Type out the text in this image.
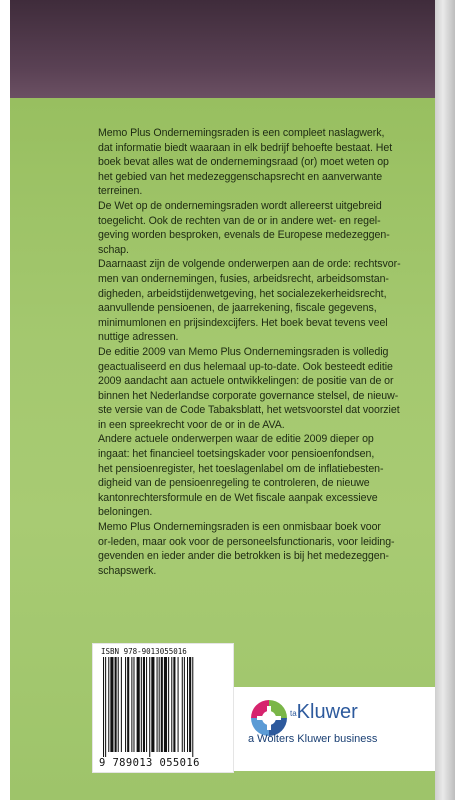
Memo Plus Ondernemingsraden is een compleet naslagwerk,
dat informatie biedt waaraan in elk bedrijf behoefte bestaat. Het
boek bevat alles wat de ondernemingsraad (or) moet weten op
het gebied van het medezeggenschapsrecht en aanverwante
terreinen.

De Wet op de ondernemingsraden wordt allereerst uitgebreid
toegelicht. Ook de rechten van de or in andere wet- en regel-
geving worden besproken, evenals de Europese medezeggen-
schap.

Daarnaast zijn de volgende onderwerpen aan de orde: rechtsvor-
men van ondernemingen, fusies, arbeidsrecht, arbeidsomstan-
digheden, arbeidstijdenwetgeving, het socialezekerheidsrecht,
aanvullende pensioenen, de jaarrekening, fiscale gegevens,
minimumlonen en prijsindexcijfers. Het boek bevat tevens veel
nuttige adressen.

De editie 2009 van Memo Plus Ondernemingsraden is volledig
geactualiseerd en dus helemaal up-to-date. Ook besteedt editie
2009 aandacht aan actuele ontwikkelingen: de positie van de or
binnen het Nederlandse corporate governance stelsel, de nieuw-
ste versie van de Code Tabaksblatt, het wetsvoorstel dat voorziet
in een spreekrecht voor de or in de AVA.

Andere actuele onderwerpen waar de editie 2009 dieper op
ingaat: het financieel toetsingskader voor pensioenfondsen,
het pensioenregister, het toeslagenlabel om de inflatiebesten-
digheid van de pensioenregeling te controleren, de nieuwe
kantonrechtersformule en de Wet fiscale aanpak excessieve
beloningen.

Memo Plus Ondernemingsraden is een onmisbaar boek voor
or-leden, maar ook voor de personeelsfunctionaris, voor leiding-
gevenden en ieder ander die betrokken is bij het medezeggen-
schapswerk.

ISBN 978-9013055016
9 789013 055016
taKluwer
a Wolters Kluwer business
